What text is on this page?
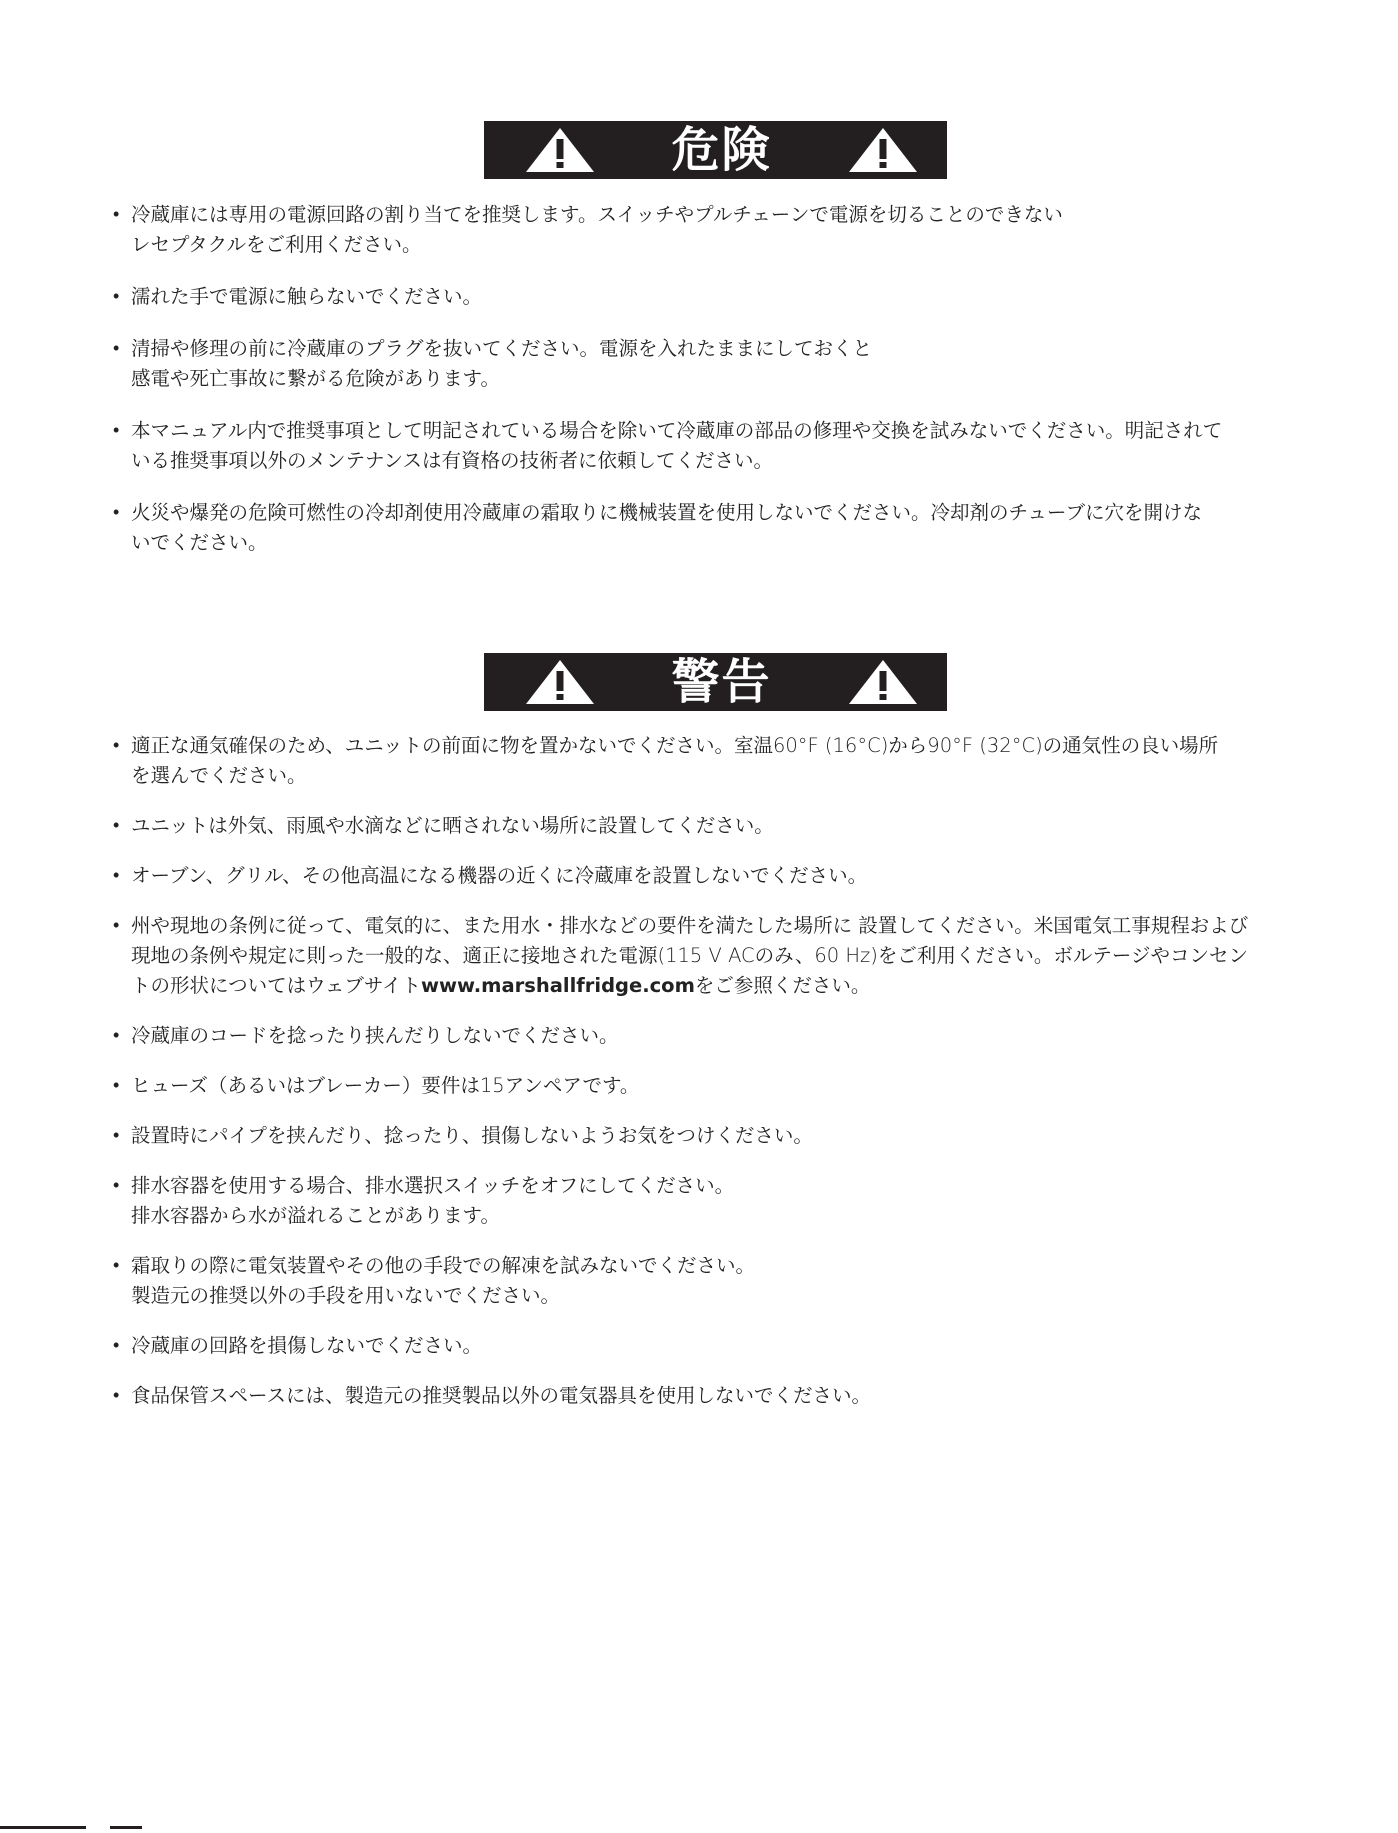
危険
• 冷蔵庫には専用の電源回路の割り当てを推奨します。スイッチやプルチェーンで電源を切ることのできない
レセプタクルをご利用ください。
• 濡れた手で電源に触らないでください。
• 清掃や修理の前に冷蔵庫のプラグを抜いてください。電源を入れたままにしておくと
感電や死亡事故に繋がる危険があります。
• 本マニュアル内で推奨事項として明記されている場合を除いて冷蔵庫の部品の修理や交換を試みないでください。明記されて
いる推奨事項以外のメンテナンスは有資格の技術者に依頼してください。
• 火災や爆発の危険可燃性の冷却剤使用冷蔵庫の霜取りに機械装置を使用しないでください。冷却剤のチューブに穴を開けな
いでください。
警告
• 適正な通気確保のため、ユニットの前面に物を置かないでください。室温60°F (16°C)から90°F (32°C)の通気性の良い場所
を選んでください。
• ユニットは外気、雨風や水滴などに晒されない場所に設置してください。
• オーブン、グリル、その他高温になる機器の近くに冷蔵庫を設置しないでください。
• 州や現地の条例に従って、電気的に、また用水・排水などの要件を満たした場所に 設置してください。米国電気工事規程および
現地の条例や規定に則った一般的な、適正に接地された電源(115 V ACのみ、60 Hz)をご利用ください。ボルテージやコンセン
トの形状についてはウェブサイトwww.marshallfridge.comをご参照ください。
• 冷蔵庫のコードを捻ったり挟んだりしないでください。
• ヒューズ（あるいはブレーカー）要件は15アンペアです。
• 設置時にパイプを挟んだり、捻ったり、損傷しないようお気をつけください。
• 排水容器を使用する場合、排水選択スイッチをオフにしてください。
排水容器から水が溢れることがあります。
• 霜取りの際に電気装置やその他の手段での解凍を試みないでください。
製造元の推奨以外の手段を用いないでください。
• 冷蔵庫の回路を損傷しないでください。
• 食品保管スペースには、製造元の推奨製品以外の電気器具を使用しないでください。
